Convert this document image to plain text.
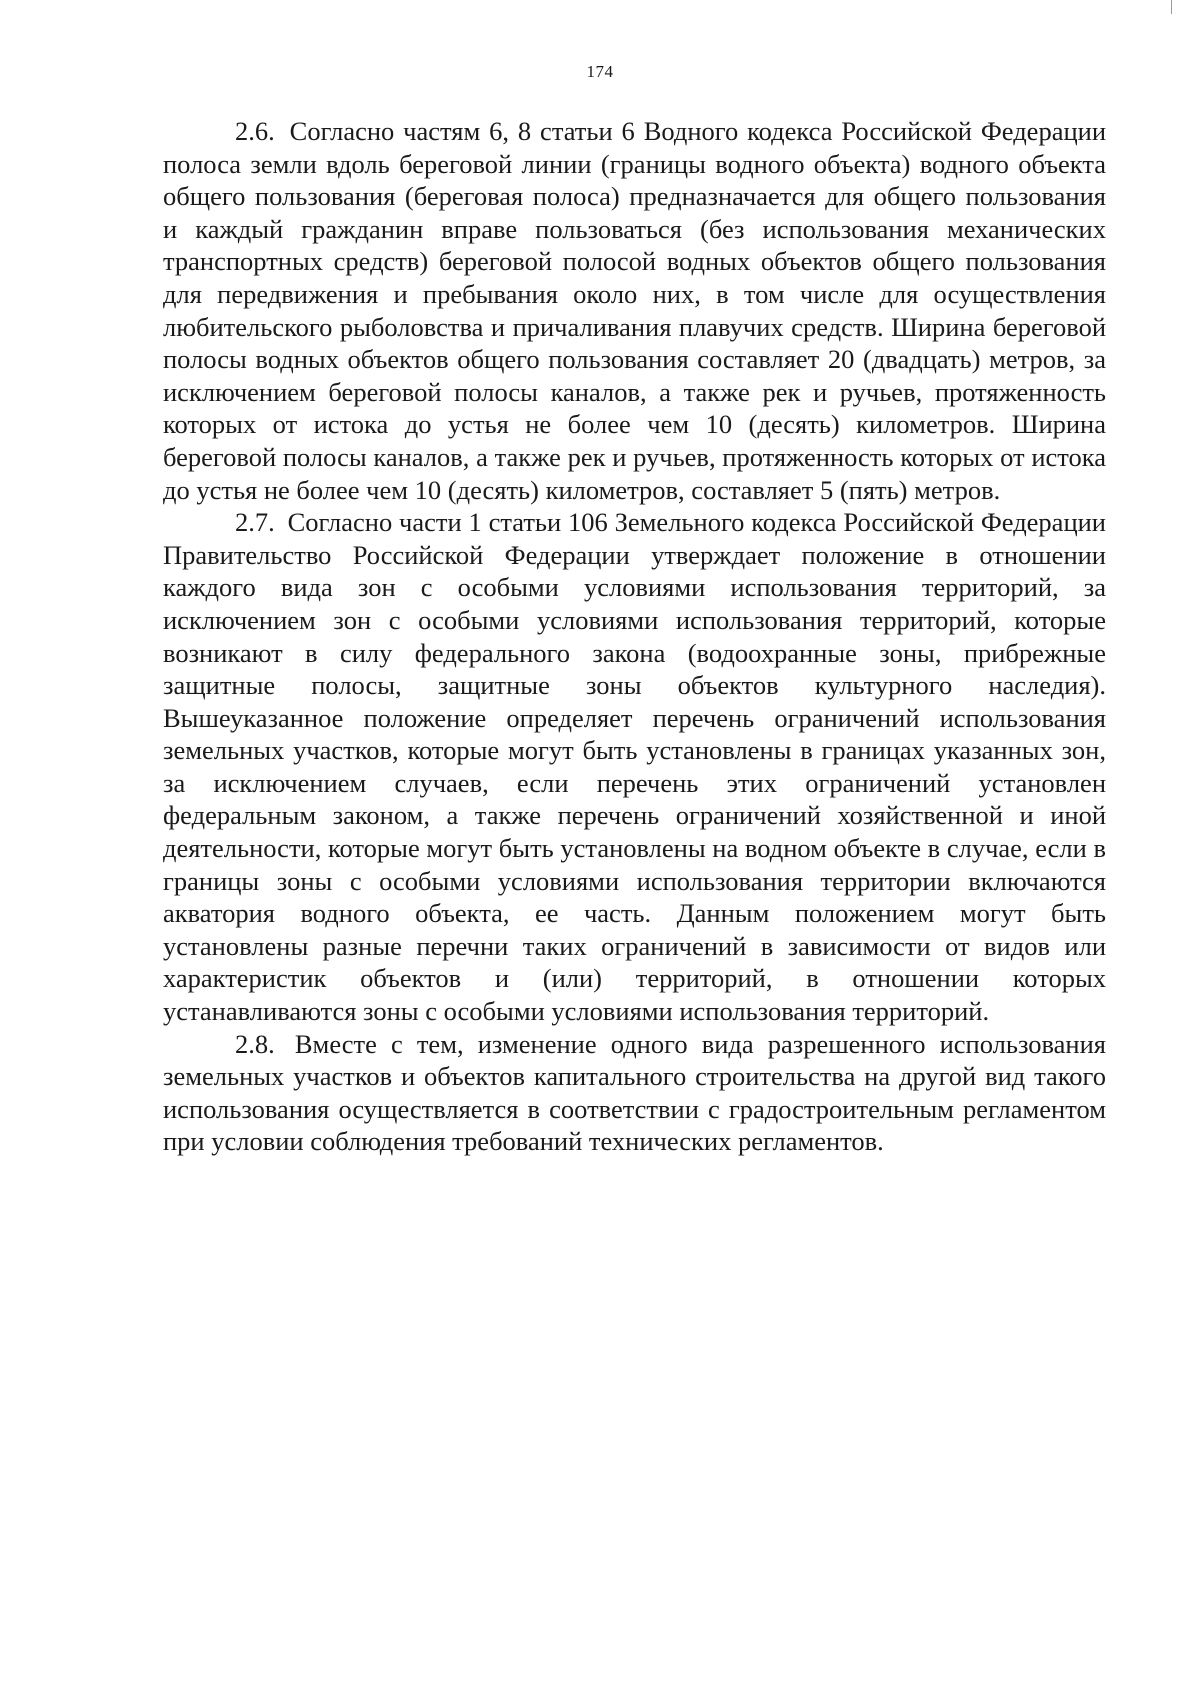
174

2.6. Согласно частям 6, 8 статьи 6 Водного кодекса Российской Федерации полоса земли вдоль береговой линии (границы водного объекта) водного объекта общего пользования (береговая полоса) предназначается для общего пользования и каждый гражданин вправе пользоваться (без использования механических транспортных средств) береговой полосой водных объектов общего пользования для передвижения и пребывания около них, в том числе для осуществления любительского рыболовства и причаливания плавучих средств. Ширина береговой полосы водных объектов общего пользования составляет 20 (двадцать) метров, за исключением береговой полосы каналов, а также рек и ручьев, протяженность которых от истока до устья не более чем 10 (десять) километров. Ширина береговой полосы каналов, а также рек и ручьев, протяженность которых от истока до устья не более чем 10 (десять) километров, составляет 5 (пять) метров.

2.7. Согласно части 1 статьи 106 Земельного кодекса Российской Федерации Правительство Российской Федерации утверждает положение в отношении каждого вида зон с особыми условиями использования территорий, за исключением зон с особыми условиями использования территорий, которые возникают в силу федерального закона (водоохранные зоны, прибрежные защитные полосы, защитные зоны объектов культурного наследия). Вышеуказанное положение определяет перечень ограничений использования земельных участков, которые могут быть установлены в границах указанных зон, за исключением случаев, если перечень этих ограничений установлен федеральным законом, а также перечень ограничений хозяйственной и иной деятельности, которые могут быть установлены на водном объекте в случае, если в границы зоны с особыми условиями использования территории включаются акватория водного объекта, ее часть. Данным положением могут быть установлены разные перечни таких ограничений в зависимости от видов или характеристик объектов и (или) территорий, в отношении которых устанавливаются зоны с особыми условиями использования территорий.

2.8. Вместе с тем, изменение одного вида разрешенного использования земельных участков и объектов капитального строительства на другой вид такого использования осуществляется в соответствии с градостроительным регламентом при условии соблюдения требований технических регламентов.
